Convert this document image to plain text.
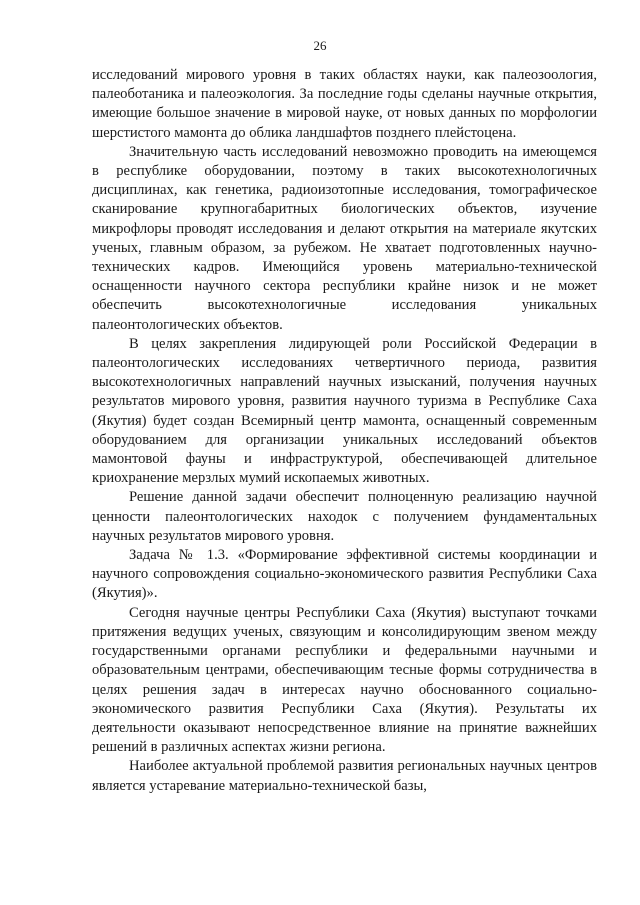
26

исследований мирового уровня в таких областях науки, как палеозоология, палеоботаника и палеоэкология. За последние годы сделаны научные открытия, имеющие большое значение в мировой науке, от новых данных по морфологии шерстистого мамонта до облика ландшафтов позднего плейстоцена.

Значительную часть исследований невозможно проводить на имеющемся в республике оборудовании, поэтому в таких высокотехнологичных дисциплинах, как генетика, радиоизотопные исследования, томографическое сканирование крупногабаритных биологических объектов, изучение микрофлоры проводят исследования и делают открытия на материале якутских ученых, главным образом, за рубежом. Не хватает подготовленных научно-технических кадров. Имеющийся уровень материально-технической оснащенности научного сектора республики крайне низок и не может обеспечить высокотехнологичные исследования уникальных палеонтологических объектов.

В целях закрепления лидирующей роли Российской Федерации в палеонтологических исследованиях четвертичного периода, развития высокотехнологичных направлений научных изысканий, получения научных результатов мирового уровня, развития научного туризма в Республике Саха (Якутия) будет создан Всемирный центр мамонта, оснащенный современным оборудованием для организации уникальных исследований объектов мамонтовой фауны и инфраструктурой, обеспечивающей длительное криохранение мерзлых мумий ископаемых животных.

Решение данной задачи обеспечит полноценную реализацию научной ценности палеонтологических находок с получением фундаментальных научных результатов мирового уровня.

Задача № 1.3. «Формирование эффективной системы координации и научного сопровождения социально-экономического развития Республики Саха (Якутия)».

Сегодня научные центры Республики Саха (Якутия) выступают точками притяжения ведущих ученых, связующим и консолидирующим звеном между государственными органами республики и федеральными научными и образовательным центрами, обеспечивающим тесные формы сотрудничества в целях решения задач в интересах научно обоснованного социально-экономического развития Республики Саха (Якутия). Результаты их деятельности оказывают непосредственное влияние на принятие важнейших решений в различных аспектах жизни региона.

Наиболее актуальной проблемой развития региональных научных центров является устаревание материально-технической базы,
